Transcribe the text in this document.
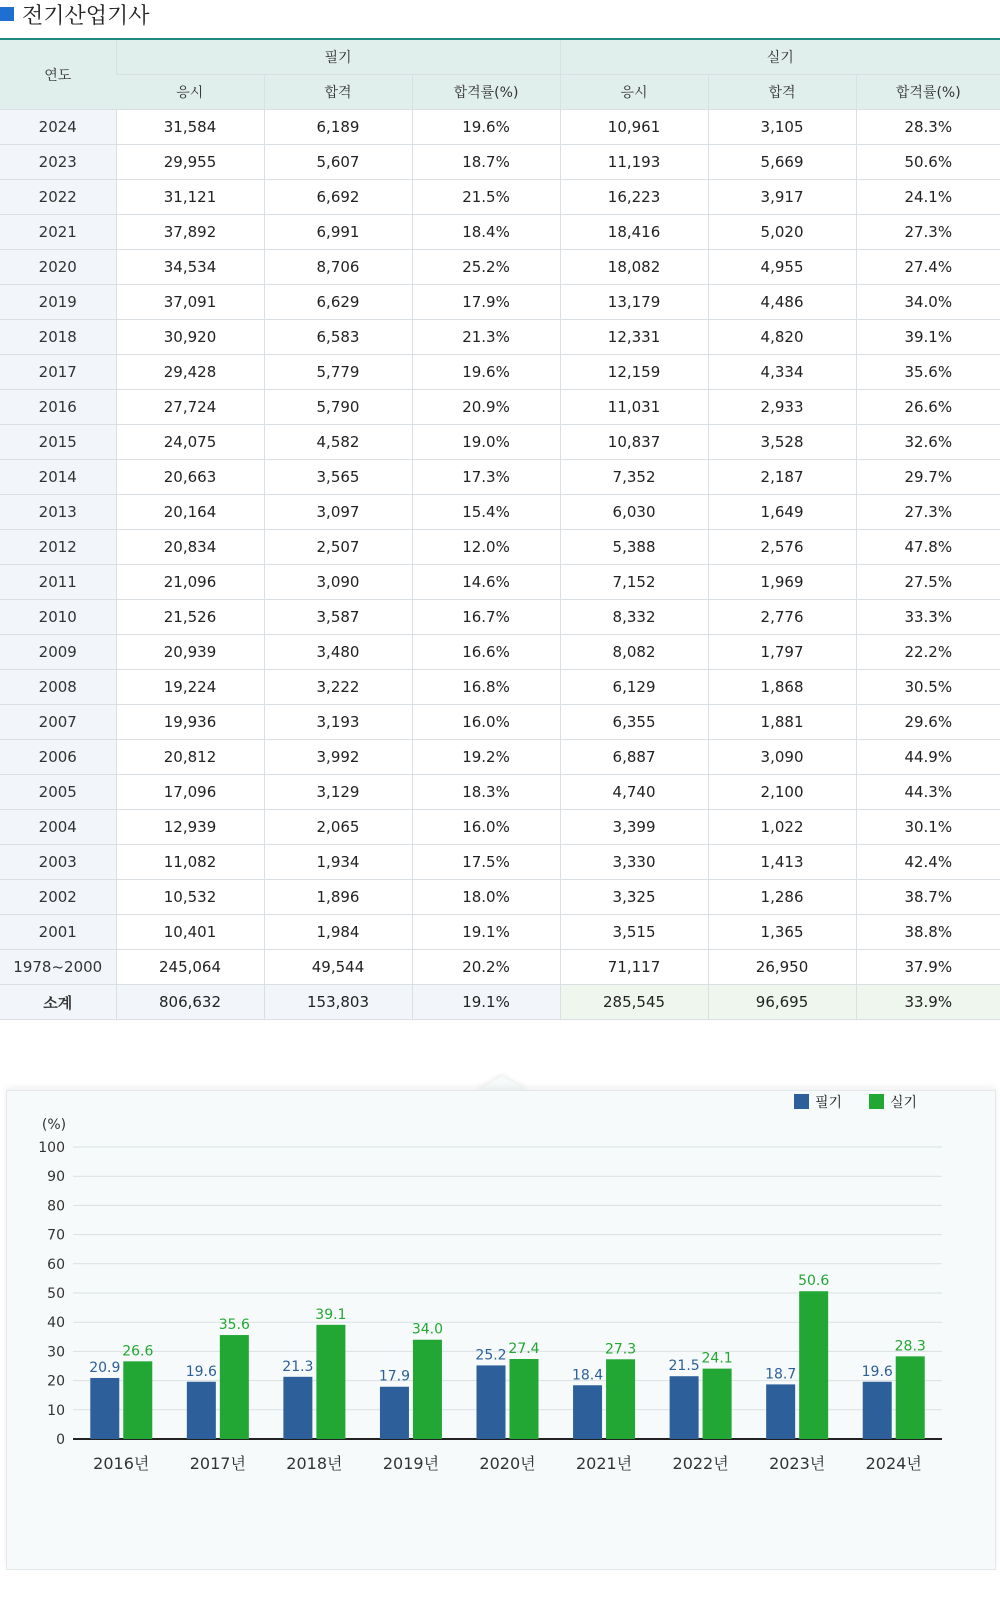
전기산업기사
연도	필기			실기		
	응시	합격	합격률(%)	응시	합격	합격률(%)
2024	31,584	6,189	19.6%	10,961	3,105	28.3%
2023	29,955	5,607	18.7%	11,193	5,669	50.6%
2022	31,121	6,692	21.5%	16,223	3,917	24.1%
2021	37,892	6,991	18.4%	18,416	5,020	27.3%
2020	34,534	8,706	25.2%	18,082	4,955	27.4%
2019	37,091	6,629	17.9%	13,179	4,486	34.0%
2018	30,920	6,583	21.3%	12,331	4,820	39.1%
2017	29,428	5,779	19.6%	12,159	4,334	35.6%
2016	27,724	5,790	20.9%	11,031	2,933	26.6%
2015	24,075	4,582	19.0%	10,837	3,528	32.6%
2014	20,663	3,565	17.3%	7,352	2,187	29.7%
2013	20,164	3,097	15.4%	6,030	1,649	27.3%
2012	20,834	2,507	12.0%	5,388	2,576	47.8%
2011	21,096	3,090	14.6%	7,152	1,969	27.5%
2010	21,526	3,587	16.7%	8,332	2,776	33.3%
2009	20,939	3,480	16.6%	8,082	1,797	22.2%
2008	19,224	3,222	16.8%	6,129	1,868	30.5%
2007	19,936	3,193	16.0%	6,355	1,881	29.6%
2006	20,812	3,992	19.2%	6,887	3,090	44.9%
2005	17,096	3,129	18.3%	4,740	2,100	44.3%
2004	12,939	2,065	16.0%	3,399	1,022	30.1%
2003	11,082	1,934	17.5%	3,330	1,413	42.4%
2002	10,532	1,896	18.0%	3,325	1,286	38.7%
2001	10,401	1,984	19.1%	3,515	1,365	38.8%
1978~2000	245,064	49,544	20.2%	71,117	26,950	37.9%
소계	806,632	153,803	19.1%	285,545	96,695	33.9%
0
10
20
30
40
50
60
70
80
90
100
(%)
20.9
26.6
2016년
19.6
35.6
2017년
21.3
39.1
2018년
17.9
34.0
2019년
25.2 27.4
2020년
18.4
27.3
2021년
21.5 24.1
2022년
18.7
50.6
2023년
19.6
28.3
2024년
필기	실기
